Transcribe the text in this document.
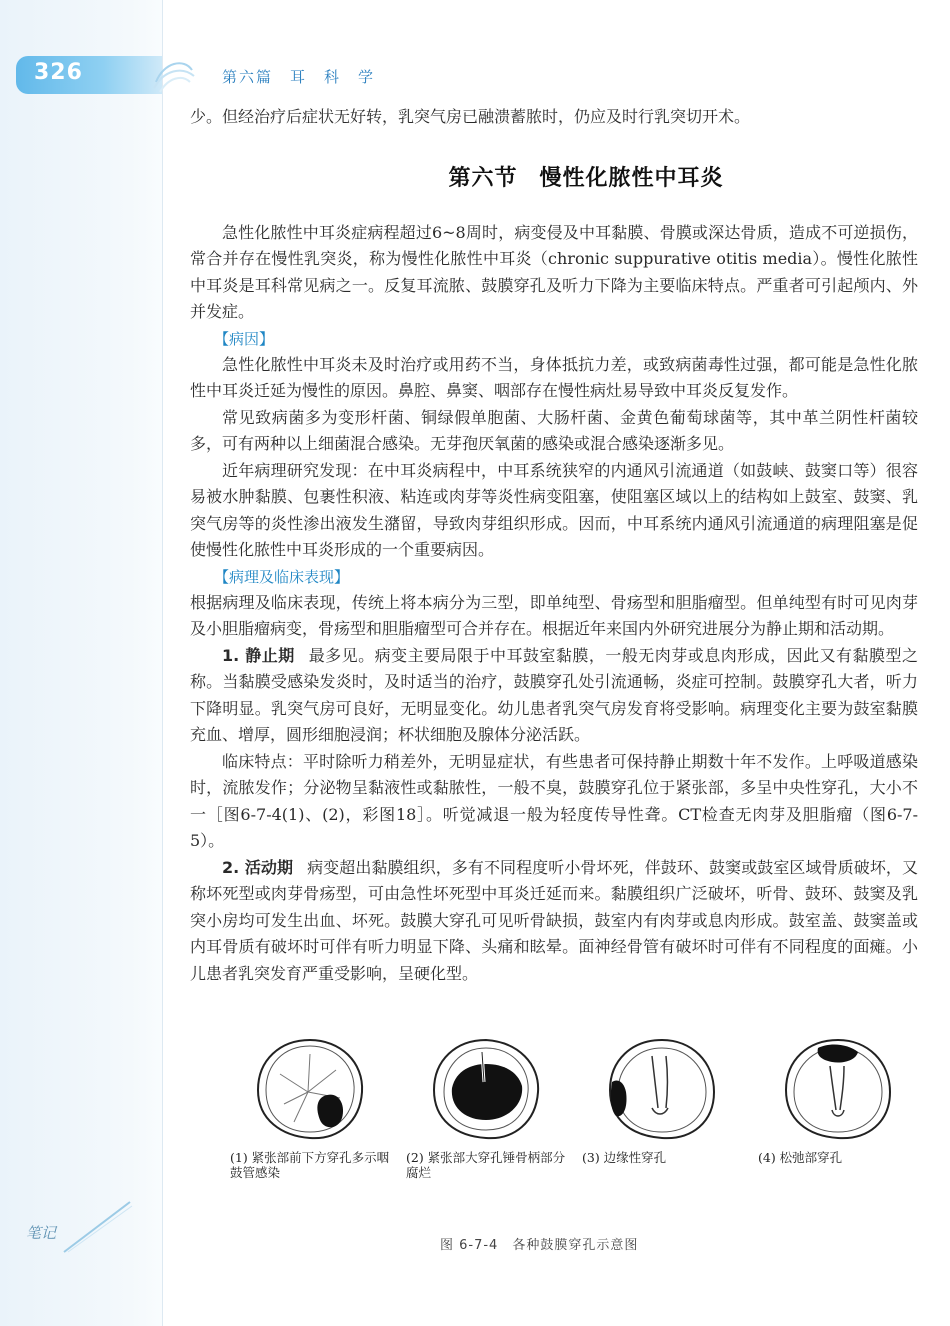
326	第六篇　耳　科　学

少。但经治疗后症状无好转，乳突气房已融溃蓄脓时，仍应及时行乳突切开术。

第六节 慢性化脓性中耳炎

急性化脓性中耳炎症病程超过6~8周时，病变侵及中耳黏膜、骨膜或深达骨质，造成不可逆损伤，常合并存在慢性乳突炎，称为慢性化脓性中耳炎（chronic suppurative otitis media）。慢性化脓性中耳炎是耳科常见病之一。反复耳流脓、鼓膜穿孔及听力下降为主要临床特点。严重者可引起颅内、外并发症。

【病因】

急性化脓性中耳炎未及时治疗或用药不当，身体抵抗力差，或致病菌毒性过强，都可能是急性化脓性中耳炎迁延为慢性的原因。鼻腔、鼻窦、咽部存在慢性病灶易导致中耳炎反复发作。

常见致病菌多为变形杆菌、铜绿假单胞菌、大肠杆菌、金黄色葡萄球菌等，其中革兰阴性杆菌较多，可有两种以上细菌混合感染。无芽孢厌氧菌的感染或混合感染逐渐多见。

近年病理研究发现：在中耳炎病程中，中耳系统狭窄的内通风引流通道（如鼓峡、鼓窦口等）很容易被水肿黏膜、包裹性积液、粘连或肉芽等炎性病变阻塞，使阻塞区域以上的结构如上鼓室、鼓窦、乳突气房等的炎性渗出液发生潴留，导致肉芽组织形成。因而，中耳系统内通风引流通道的病理阻塞是促使慢性化脓性中耳炎形成的一个重要病因。

【病理及临床表现】

根据病理及临床表现，传统上将本病分为三型，即单纯型、骨疡型和胆脂瘤型。但单纯型有时可见肉芽及小胆脂瘤病变，骨疡型和胆脂瘤型可合并存在。根据近年来国内外研究进展分为静止期和活动期。

1. 静止期 最多见。病变主要局限于中耳鼓室黏膜，一般无肉芽或息肉形成，因此又有黏膜型之称。当黏膜受感染发炎时，及时适当的治疗，鼓膜穿孔处引流通畅，炎症可控制。鼓膜穿孔大者，听力下降明显。乳突气房可良好，无明显变化。幼儿患者乳突气房发育将受影响。病理变化主要为鼓室黏膜充血、增厚，圆形细胞浸润；杯状细胞及腺体分泌活跃。

临床特点：平时除听力稍差外，无明显症状，有些患者可保持静止期数十年不发作。上呼吸道感染时，流脓发作；分泌物呈黏液性或黏脓性，一般不臭，鼓膜穿孔位于紧张部，多呈中央性穿孔，大小不一［图6-7-4(1)、(2)，彩图18］。听觉减退一般为轻度传导性聋。CT检查无肉芽及胆脂瘤（图6-7-5）。

2. 活动期 病变超出黏膜组织，多有不同程度听小骨坏死，伴鼓环、鼓窦或鼓室区域骨质破坏，又称坏死型或肉芽骨疡型，可由急性坏死型中耳炎迁延而来。黏膜组织广泛破坏，听骨、鼓环、鼓窦及乳突小房均可发生出血、坏死。鼓膜大穿孔可见听骨缺损，鼓室内有肉芽或息肉形成。鼓室盖、鼓窦盖或内耳骨质有破坏时可伴有听力明显下降、头痛和眩晕。面神经骨管有破坏时可伴有不同程度的面瘫。小儿患者乳突发育严重受影响，呈硬化型。

(1) 紧张部前下方穿孔多示咽鼓管感染
(2) 紧张部大穿孔锤骨柄部分腐烂
(3) 边缘性穿孔	(4) 松弛部穿孔
图 6-7-4　各种鼓膜穿孔示意图
笔记
